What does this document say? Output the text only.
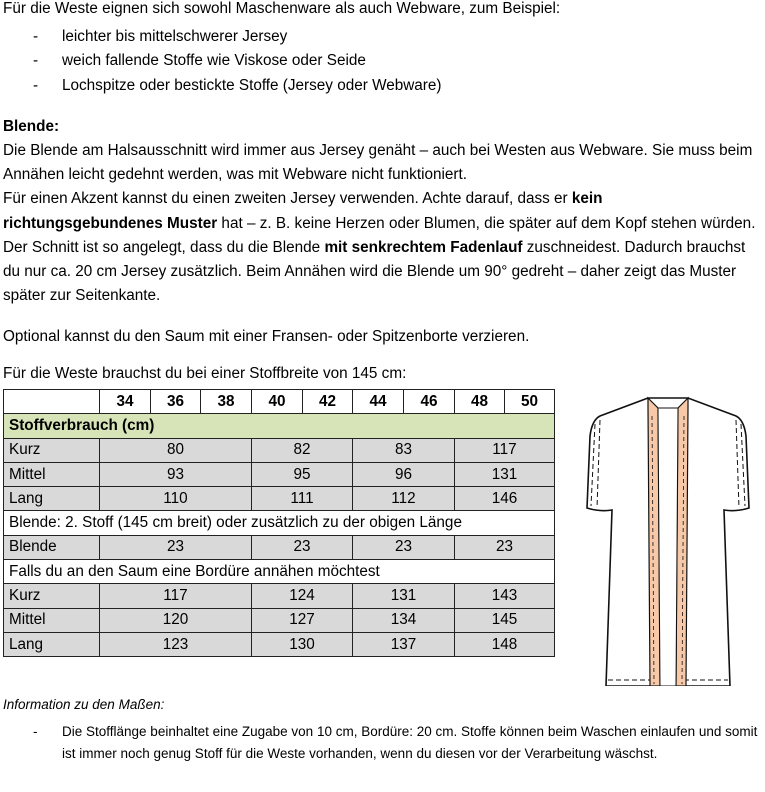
Für die Weste eignen sich sowohl Maschenware als auch Webware, zum Beispiel:

- leichter bis mittelschwerer Jersey
- weich fallende Stoffe wie Viskose oder Seide
- Lochspitze oder bestickte Stoffe (Jersey oder Webware)

Blende:

Die Blende am Halsausschnitt wird immer aus Jersey genäht – auch bei Westen aus Webware. Sie muss beim Annähen leicht gedehnt werden, was mit Webware nicht funktioniert.

Für einen Akzent kannst du einen zweiten Jersey verwenden. Achte darauf, dass er kein richtungsgebundenes Muster hat – z. B. keine Herzen oder Blumen, die später auf dem Kopf stehen würden. Der Schnitt ist so angelegt, dass du die Blende mit senkrechtem Fadenlauf zuschneidest. Dadurch brauchst du nur ca. 20 cm Jersey zusätzlich. Beim Annähen wird die Blende um 90° gedreht – daher zeigt das Muster später zur Seitenkante.

Optional kannst du den Saum mit einer Fransen- oder Spitzenborte verzieren.

Für die Weste brauchst du bei einer Stoffbreite von 145 cm:

	34	36	38	40	42	44	46	48	50
Stoffverbrauch (cm)									
Kurz	80			82		83		117	
Mittel	93			95		96		131	
Lang	110			111		112		146	
Blende: 2. Stoff (145 cm breit) oder zusätzlich zu der obigen Länge									
Blende	23			23		23		23	
Falls du an den Saum eine Bordüre annähen möchtest									
Kurz	117			124		131		143	
Mittel	120			127		134		145	
Lang	123			130		137		148	

Information zu den Maßen:

- Die Stofflänge beinhaltet eine Zugabe von 10 cm, Bordüre: 20 cm. Stoffe können beim Waschen einlaufen und somit ist immer noch genug Stoff für die Weste vorhanden, wenn du diesen vor der Verarbeitung wäschst.
